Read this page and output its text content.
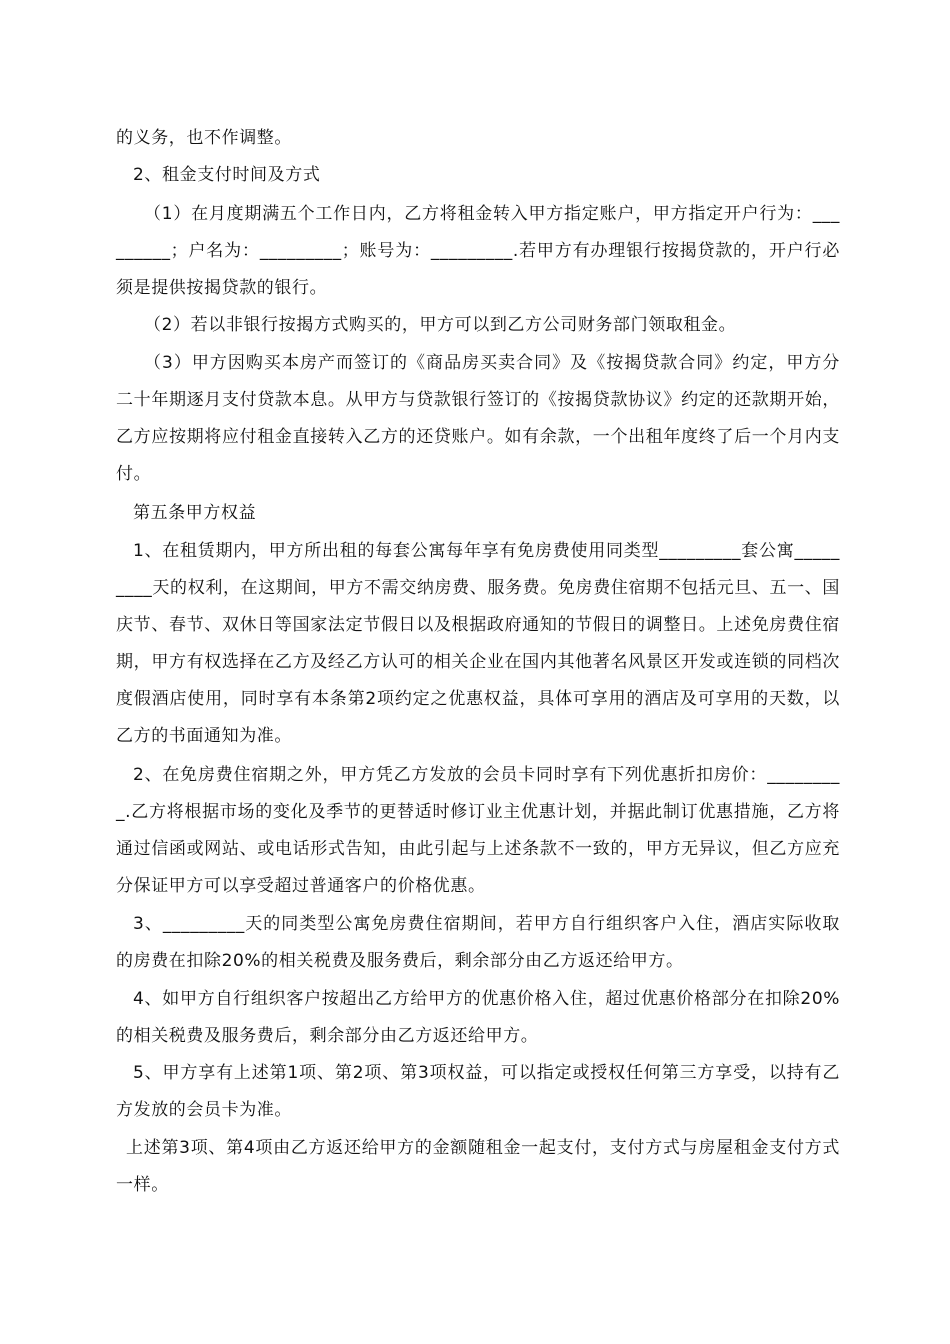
的义务，也不作调整。
2、租金支付时间及方式
（1）在月度期满五个工作日内，乙方将租金转入甲方指定账户，甲方指定开户行为：_________；户名为：_________；账号为：_________.若甲方有办理银行按揭贷款的，开户行必须是提供按揭贷款的银行。
（2）若以非银行按揭方式购买的，甲方可以到乙方公司财务部门领取租金。
（3）甲方因购买本房产而签订的《商品房买卖合同》及《按揭贷款合同》约定，甲方分二十年期逐月支付贷款本息。从甲方与贷款银行签订的《按揭贷款协议》约定的还款期开始，乙方应按期将应付租金直接转入乙方的还贷账户。如有余款，一个出租年度终了后一个月内支付。
第五条甲方权益
1、在租赁期内，甲方所出租的每套公寓每年享有免房费使用同类型_________套公寓_________天的权利，在这期间，甲方不需交纳房费、服务费。免房费住宿期不包括元旦、五一、国庆节、春节、双休日等国家法定节假日以及根据政府通知的节假日的调整日。上述免房费住宿期，甲方有权选择在乙方及经乙方认可的相关企业在国内其他著名风景区开发或连锁的同档次度假酒店使用，同时享有本条第2项约定之优惠权益，具体可享用的酒店及可享用的天数，以乙方的书面通知为准。
2、在免房费住宿期之外，甲方凭乙方发放的会员卡同时享有下列优惠折扣房价：_________.乙方将根据市场的变化及季节的更替适时修订业主优惠计划，并据此制订优惠措施，乙方将通过信函或网站、或电话形式告知，由此引起与上述条款不一致的，甲方无异议，但乙方应充分保证甲方可以享受超过普通客户的价格优惠。
3、_________天的同类型公寓免房费住宿期间，若甲方自行组织客户入住，酒店实际收取的房费在扣除20%的相关税费及服务费后，剩余部分由乙方返还给甲方。
4、如甲方自行组织客户按超出乙方给甲方的优惠价格入住，超过优惠价格部分在扣除20%的相关税费及服务费后，剩余部分由乙方返还给甲方。
5、甲方享有上述第1项、第2项、第3项权益，可以指定或授权任何第三方享受，以持有乙方发放的会员卡为准。
上述第3项、第4项由乙方返还给甲方的金额随租金一起支付，支付方式与房屋租金支付方式一样。
